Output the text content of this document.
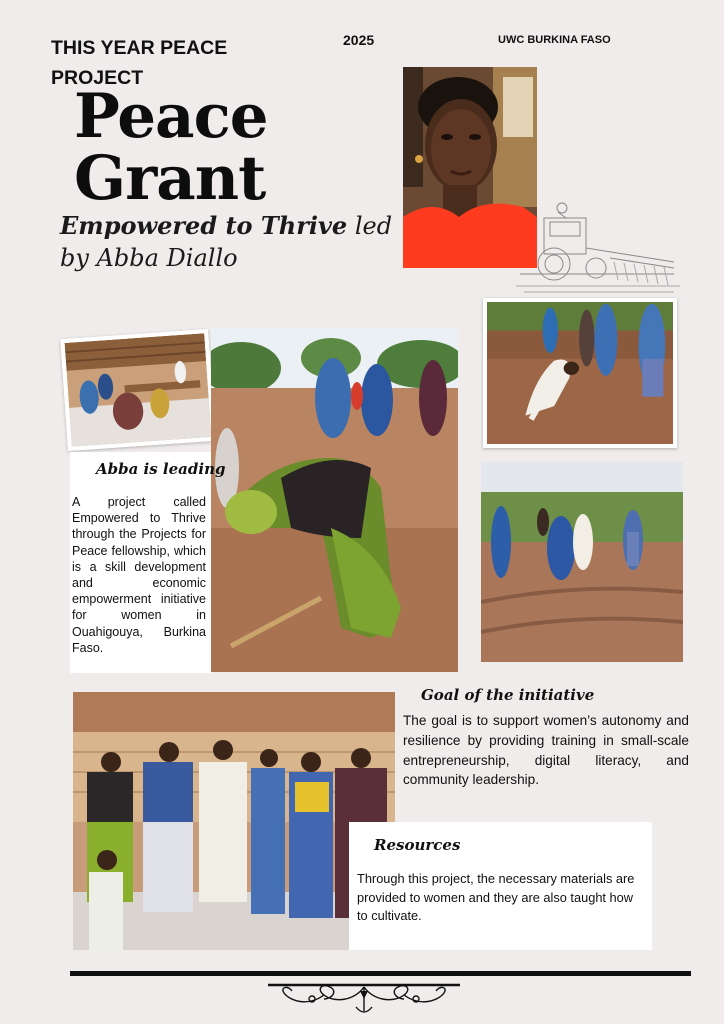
THIS YEAR PEACE PROJECT
2025	UWC BURKINA FASO
Peace
Grant
Empowered to Thrive led by Abba Diallo
Abba is leading
A project called Empowered to Thrive through the Projects for Peace fellowship, which is a skill development and economic empowerment initiative for women in Ouahigouya, Burkina Faso.
Goal of the initiative
The goal is to support women’s autonomy and resilience by providing training in small-scale entrepreneurship, digital literacy, and community leadership.
Resources
Through this project, the necessary materials are provided to women and they are also taught how to cultivate.
